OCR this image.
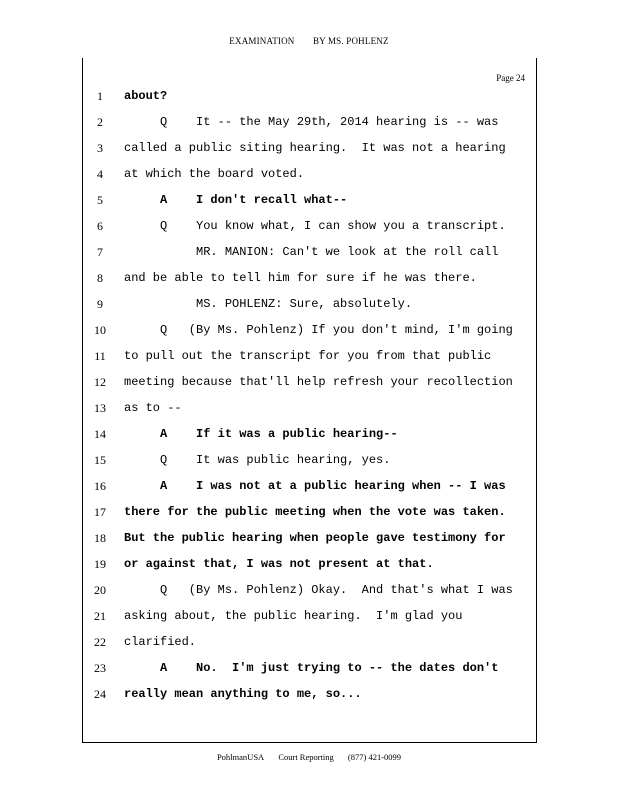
EXAMINATION BY MS. POHLENZ
Page 24
1	about?
2	Q    It -- the May 29th, 2014 hearing is -- was
3	called a public siting hearing.  It was not a hearing
4	at which the board voted.
5	A    I don't recall what--
6	Q    You know what, I can show you a transcript.
7	MR. MANION: Can't we look at the roll call
8	and be able to tell him for sure if he was there.
9	MS. POHLENZ: Sure, absolutely.
10 Q   (By Ms. Pohlenz) If you don't mind, I'm going
11 to pull out the transcript for you from that public
12 meeting because that'll help refresh your recollection
13 as to --
14 A    If it was a public hearing--
15 Q    It was public hearing, yes.
16 A    I was not at a public hearing when -- I was
17 there for the public meeting when the vote was taken.
18 But the public hearing when people gave testimony for
19 or against that, I was not present at that.
20 Q   (By Ms. Pohlenz) Okay.  And that's what I was
21 asking about, the public hearing.  I'm glad you
22 clarified.
23 A    No.  I'm just trying to -- the dates don't
24 really mean anything to me, so...
PohlmanUSA Court Reporting (877) 421-0099
